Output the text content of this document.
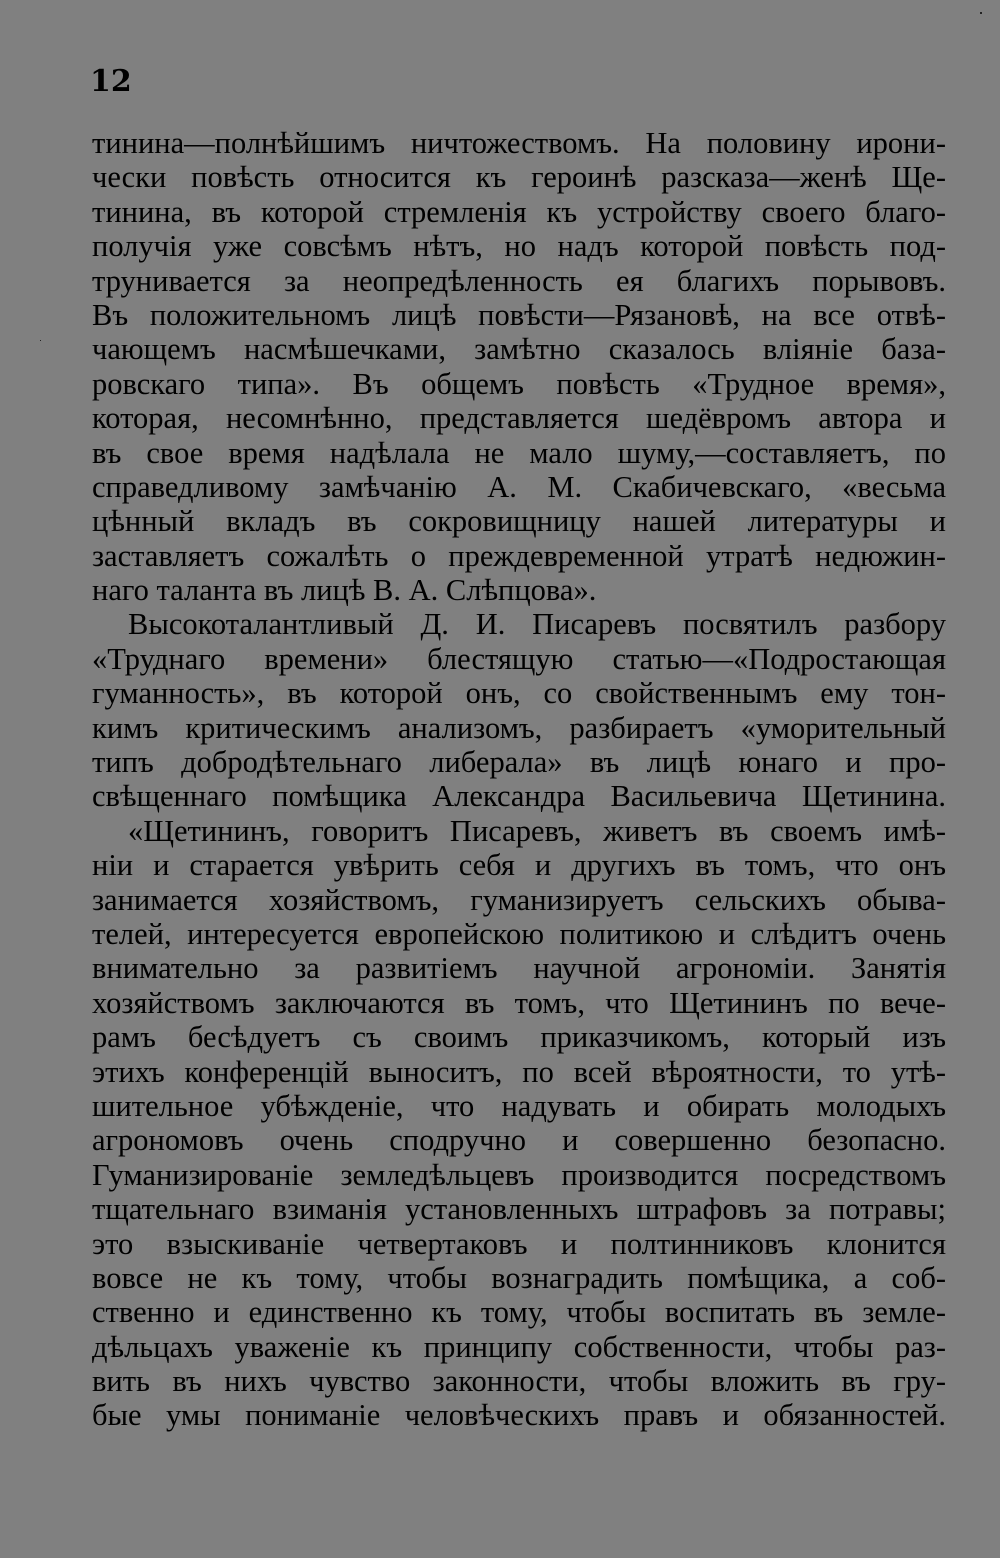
12
тинина—полнѣйшимъ ничтожествомъ. На половину ирони-
чески повѣсть относится къ героинѣ разсказа—женѣ Ще-
тинина, въ которой стремленія къ устройству своего благо-
получія уже совсѣмъ нѣтъ, но надъ которой повѣсть под-
трунивается за неопредѣленность ея благихъ порывовъ.
Въ положительномъ лицѣ повѣсти—Рязановѣ, на все отвѣ-
чающемъ насмѣшечками, замѣтно сказалось вліяніе база-
ровскаго типа». Въ общемъ повѣсть «Трудное время»,
которая, несомнѣнно, представляется шедёвромъ автора и
въ свое время надѣлала не мало шуму,—составляетъ, по
справедливому замѣчанію А. М. Скабичевскаго, «весьма
цѣнный вкладъ въ сокровищницу нашей литературы и
заставляетъ сожалѣть о преждевременной утратѣ недюжин-
наго таланта въ лицѣ В. А. Слѣпцова».
Высокоталантливый Д. И. Писаревъ посвятилъ разбору
«Труднаго времени» блестящую статью—«Подростающая
гуманность», въ которой онъ, со свойственнымъ ему тон-
кимъ критическимъ анализомъ, разбираетъ «уморительный
типъ добродѣтельнаго либерала» въ лицѣ юнаго и про-
свѣщеннаго помѣщика Александра Васильевича Щетинина.
«Щетининъ, говоритъ Писаревъ, живетъ въ своемъ имѣ-
ніи и старается увѣрить себя и другихъ въ томъ, что онъ
занимается хозяйствомъ, гуманизируетъ сельскихъ обыва-
телей, интересуется европейскою политикою и слѣдитъ очень
внимательно за развитіемъ научной агрономіи. Занятія
хозяйствомъ заключаются въ томъ, что Щетининъ по вече-
рамъ бесѣдуетъ съ своимъ приказчикомъ, который изъ
этихъ конференцій выноситъ, по всей вѣроятности, то утѣ-
шительное убѣжденіе, что надувать и обирать молодыхъ
агрономовъ очень сподручно и совершенно безопасно.
Гуманизированіе земледѣльцевъ производится посредствомъ
тщательнаго взиманія установленныхъ штрафовъ за потравы;
это взыскиваніе четвертаковъ и полтинниковъ клонится
вовсе не къ тому, чтобы вознаградить помѣщика, а соб-
ственно и единственно къ тому, чтобы воспитать въ земле-
дѣльцахъ уваженіе къ принципу собственности, чтобы раз-
вить въ нихъ чувство законности, чтобы вложить въ гру-
бые умы пониманіе человѣческихъ правъ и обязанностей.
